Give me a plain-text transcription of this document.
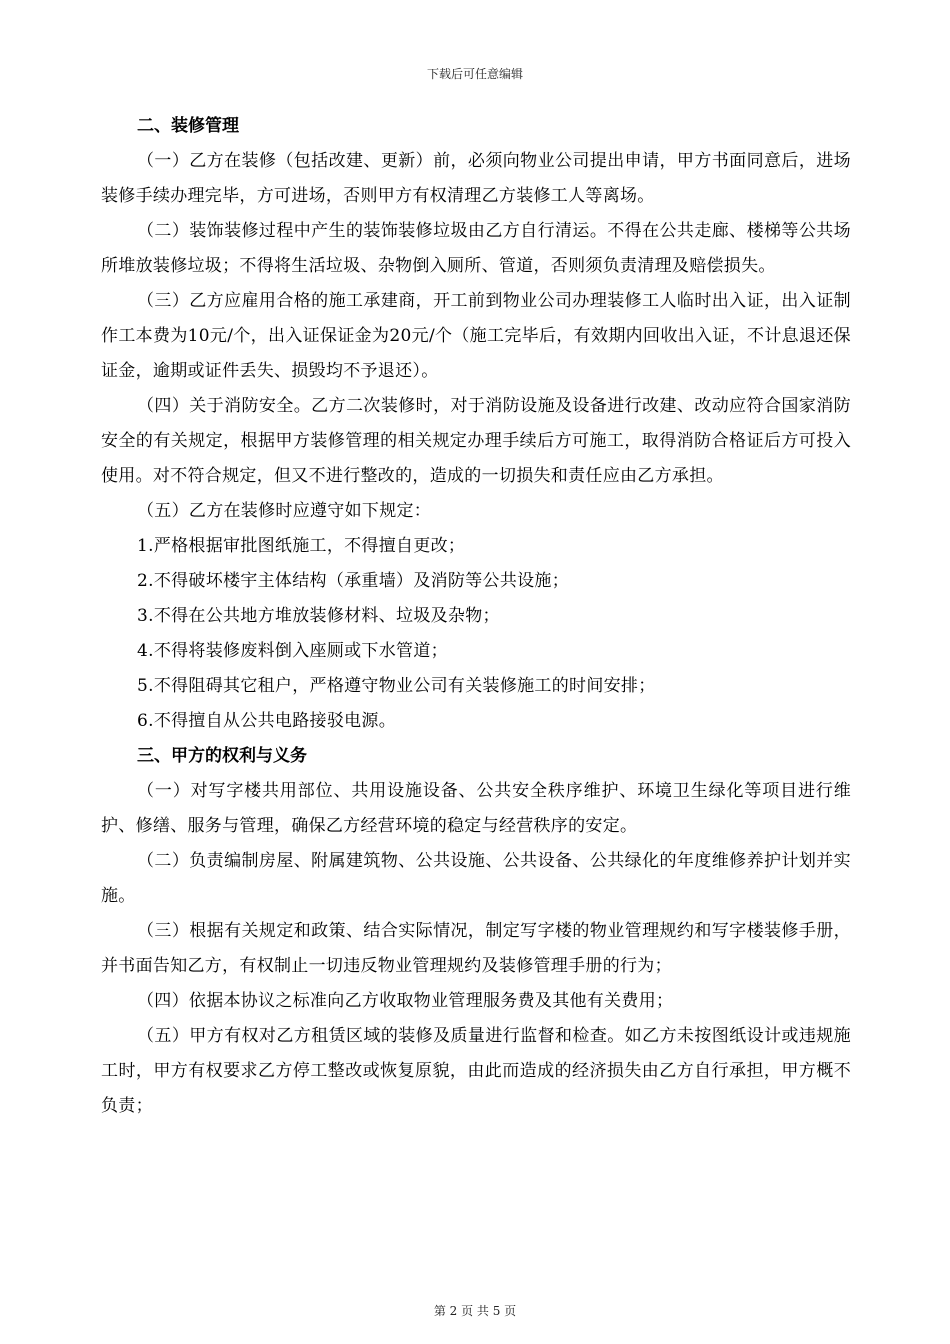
下载后可任意编辑
二、装修管理

（一）乙方在装修（包括改建、更新）前，必须向物业公司提出申请，甲方书面同意后，进场装修手续办理完毕，方可进场，否则甲方有权清理乙方装修工人等离场。

（二）装饰装修过程中产生的装饰装修垃圾由乙方自行清运。不得在公共走廊、楼梯等公共场所堆放装修垃圾；不得将生活垃圾、杂物倒入厕所、管道，否则须负责清理及赔偿损失。

（三）乙方应雇用合格的施工承建商，开工前到物业公司办理装修工人临时出入证，出入证制作工本费为10元/个，出入证保证金为20元/个（施工完毕后，有效期内回收出入证，不计息退还保证金，逾期或证件丢失、损毁均不予退还）。

（四）关于消防安全。乙方二次装修时，对于消防设施及设备进行改建、改动应符合国家消防安全的有关规定，根据甲方装修管理的相关规定办理手续后方可施工，取得消防合格证后方可投入使用。对不符合规定，但又不进行整改的，造成的一切损失和责任应由乙方承担。

（五）乙方在装修时应遵守如下规定：

1.严格根据审批图纸施工，不得擅自更改；

2.不得破坏楼宇主体结构（承重墙）及消防等公共设施；

3.不得在公共地方堆放装修材料、垃圾及杂物；

4.不得将装修废料倒入座厕或下水管道；

5.不得阻碍其它租户，严格遵守物业公司有关装修施工的时间安排；

6.不得擅自从公共电路接驳电源。

三、甲方的权利与义务

（一）对写字楼共用部位、共用设施设备、公共安全秩序维护、环境卫生绿化等项目进行维护、修缮、服务与管理，确保乙方经营环境的稳定与经营秩序的安定。

（二）负责编制房屋、附属建筑物、公共设施、公共设备、公共绿化的年度维修养护计划并实施。

（三）根据有关规定和政策、结合实际情况，制定写字楼的物业管理规约和写字楼装修手册，并书面告知乙方，有权制止一切违反物业管理规约及装修管理手册的行为；

（四）依据本协议之标准向乙方收取物业管理服务费及其他有关费用；

（五）甲方有权对乙方租赁区域的装修及质量进行监督和检查。如乙方未按图纸设计或违规施工时，甲方有权要求乙方停工整改或恢复原貌，由此而造成的经济损失由乙方自行承担，甲方概不负责；

第 2 页 共 5 页
